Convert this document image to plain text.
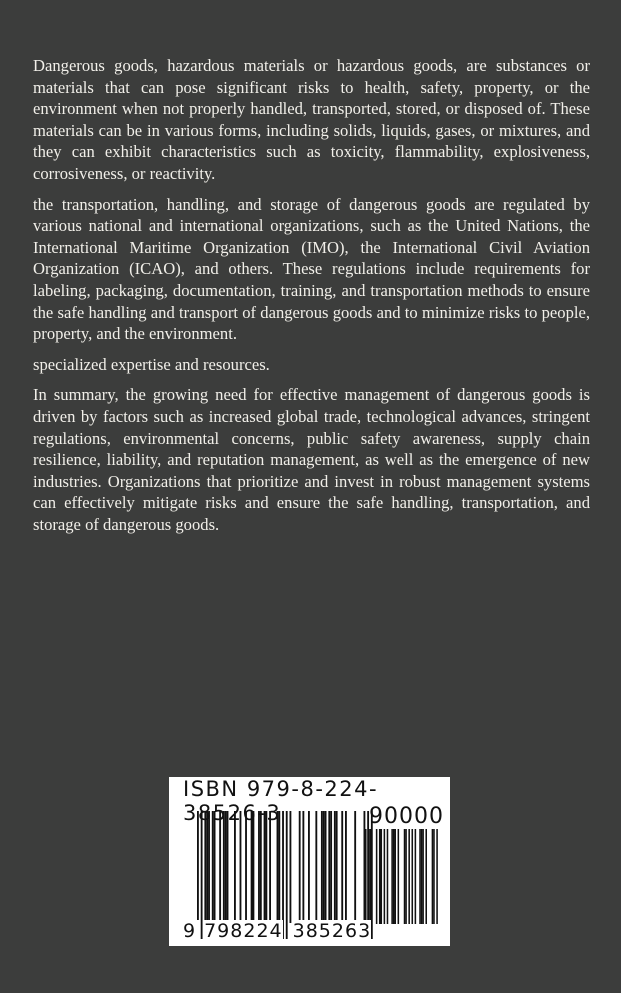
Dangerous goods, hazardous materials or hazardous goods, are substances or materials that can pose significant risks to health, safety, property, or the environment when not properly handled, transported, stored, or disposed of. These materials can be in various forms, including solids, liquids, gases, or mixtures, and they can exhibit characteristics such as toxicity, flammability, explosiveness, corrosiveness, or reactivity.

the transportation, handling, and storage of dangerous goods are regulated by various national and international organizations, such as the United Nations, the International Maritime Organization (IMO), the International Civil Aviation Organization (ICAO), and others. These regulations include requirements for labeling, packaging, documentation, training, and transportation methods to ensure the safe handling and transport of dangerous goods and to minimize risks to people, property, and the environment.

specialized expertise and resources.

In summary, the growing need for effective management of dangerous goods is driven by factors such as increased global trade, technological advances, stringent regulations, environmental concerns, public safety awareness, supply chain resilience, liability, and reputation management, as well as the emergence of new industries. Organizations that prioritize and invest in robust management systems can effectively mitigate risks and ensure the safe handling, transportation, and storage of dangerous goods.

ISBN 979-8-224-38526-3	90000
9 798224 385263
